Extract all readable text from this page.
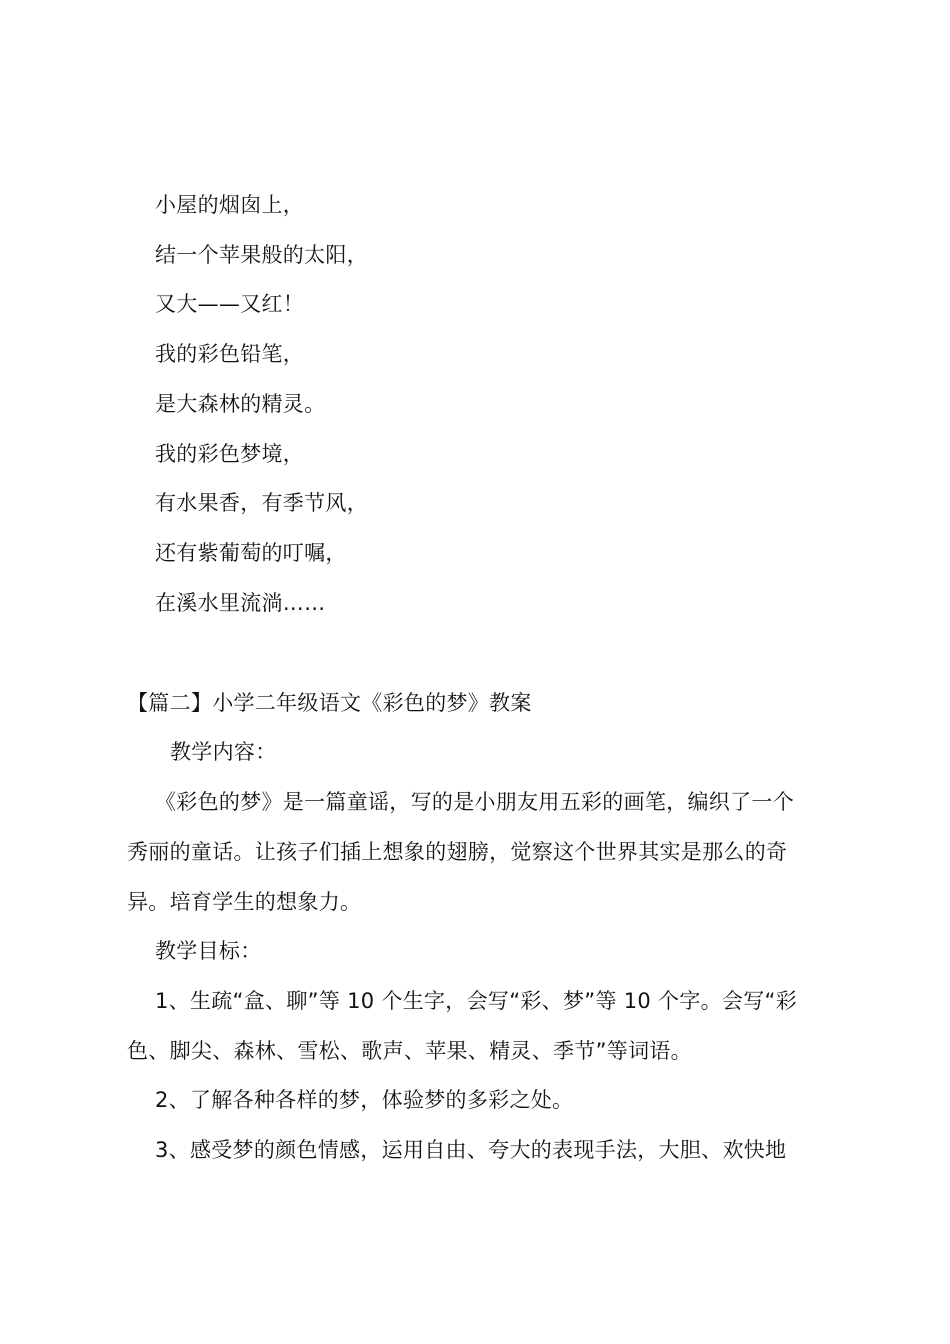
小屋的烟囱上，
结一个苹果般的太阳，
又大——又红！
我的彩色铅笔，
是大森林的精灵。
我的彩色梦境，
有水果香，有季节风，
还有紫葡萄的叮嘱，
在溪水里流淌……
【篇二】小学二年级语文《彩色的梦》教案
教学内容：
《彩色的梦》是一篇童谣，写的是小朋友用五彩的画笔，编织了一个
秀丽的童话。让孩子们插上想象的翅膀，觉察这个世界其实是那么的奇
异。培育学生的想象力。
教学目标：
1、生疏“盒、聊”等 10 个生字，会写“彩、梦”等 10 个字。会写“彩
色、脚尖、森林、雪松、歌声、苹果、精灵、季节”等词语。
2、了解各种各样的梦，体验梦的多彩之处。
3、感受梦的颜色情感，运用自由、夸大的表现手法，大胆、欢快地
